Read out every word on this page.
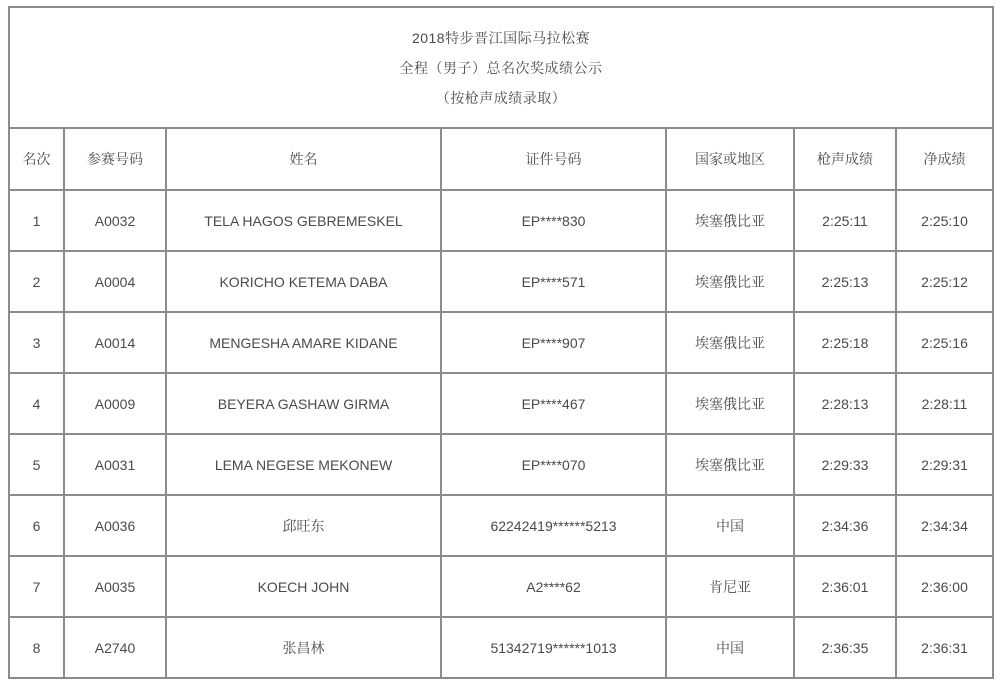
2018特步晋江国际马拉松赛
全程（男子）总名次奖成绩公示
（按枪声成绩录取）						

名次	参赛号码	姓名	证件号码	国家或地区	枪声成绩	净成绩
1	A0032	TELA HAGOS GEBREMESKEL	EP****830	埃塞俄比亚	2:25:11	2:25:10
2	A0004	KORICHO KETEMA DABA	EP****571	埃塞俄比亚	2:25:13	2:25:12
3	A0014	MENGESHA AMARE KIDANE	EP****907	埃塞俄比亚	2:25:18	2:25:16
4	A0009	BEYERA GASHAW GIRMA	EP****467	埃塞俄比亚	2:28:13	2:28:11
5	A0031	LEMA NEGESE MEKONEW	EP****070	埃塞俄比亚	2:29:33	2:29:31
6	A0036	邱旺东	62242419******5213	中国	2:34:36	2:34:34
7	A0035	KOECH JOHN	A2****62	肯尼亚	2:36:01	2:36:00
8	A2740	张昌林	51342719******1013	中国	2:36:35	2:36:31
